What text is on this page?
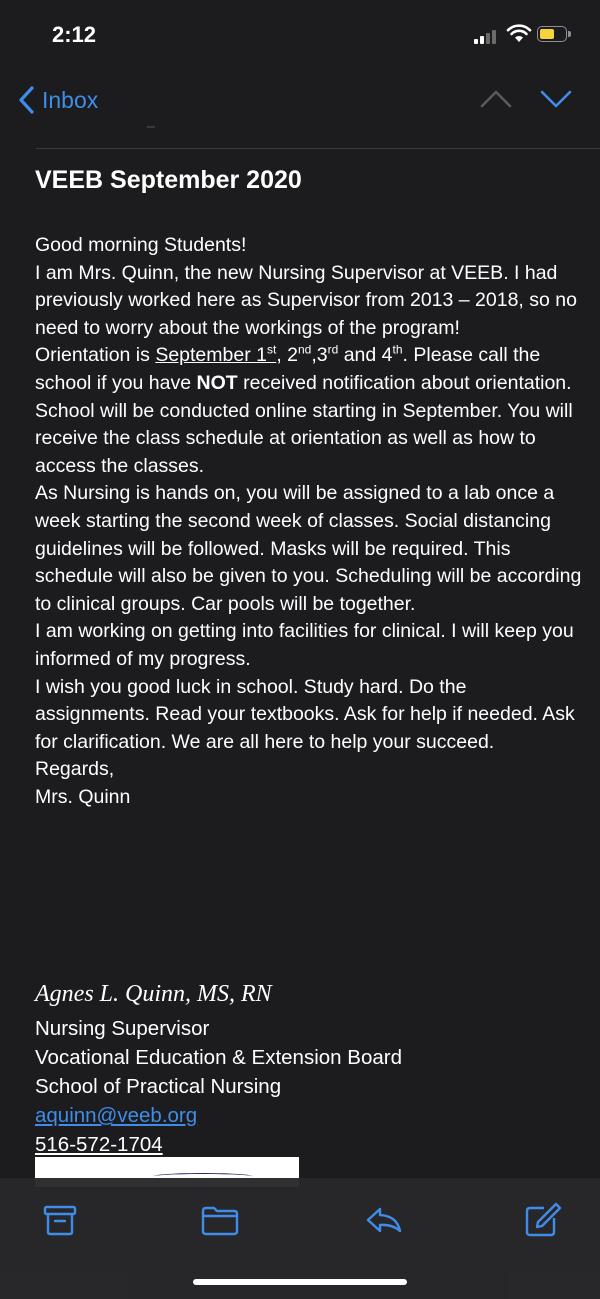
2:12
Inbox
VEEB September 2020

Good morning Students!

I am Mrs. Quinn, the new Nursing Supervisor at VEEB. I had previously worked here as Supervisor from 2013 – 2018, so no need to worry about the workings of the program!

Orientation is September 1st, 2nd,3rd and 4th. Please call the school if you have NOT received notification about orientation.

School will be conducted online starting in September. You will receive the class schedule at orientation as well as how to access the classes.

As Nursing is hands on, you will be assigned to a lab once a week starting the second week of classes. Social distancing guidelines will be followed. Masks will be required. This schedule will also be given to you. Scheduling will be according to clinical groups. Car pools will be together.

I am working on getting into facilities for clinical. I will keep you informed of my progress.

I wish you good luck in school. Study hard. Do the assignments. Read your textbooks. Ask for help if needed. Ask for clarification. We are all here to help your succeed.

Regards,

Mrs. Quinn

Agnes L. Quinn, MS, RN
Nursing Supervisor
Vocational Education & Extension Board
School of Practical Nursing
aquinn@veeb.org
516-572-1704
